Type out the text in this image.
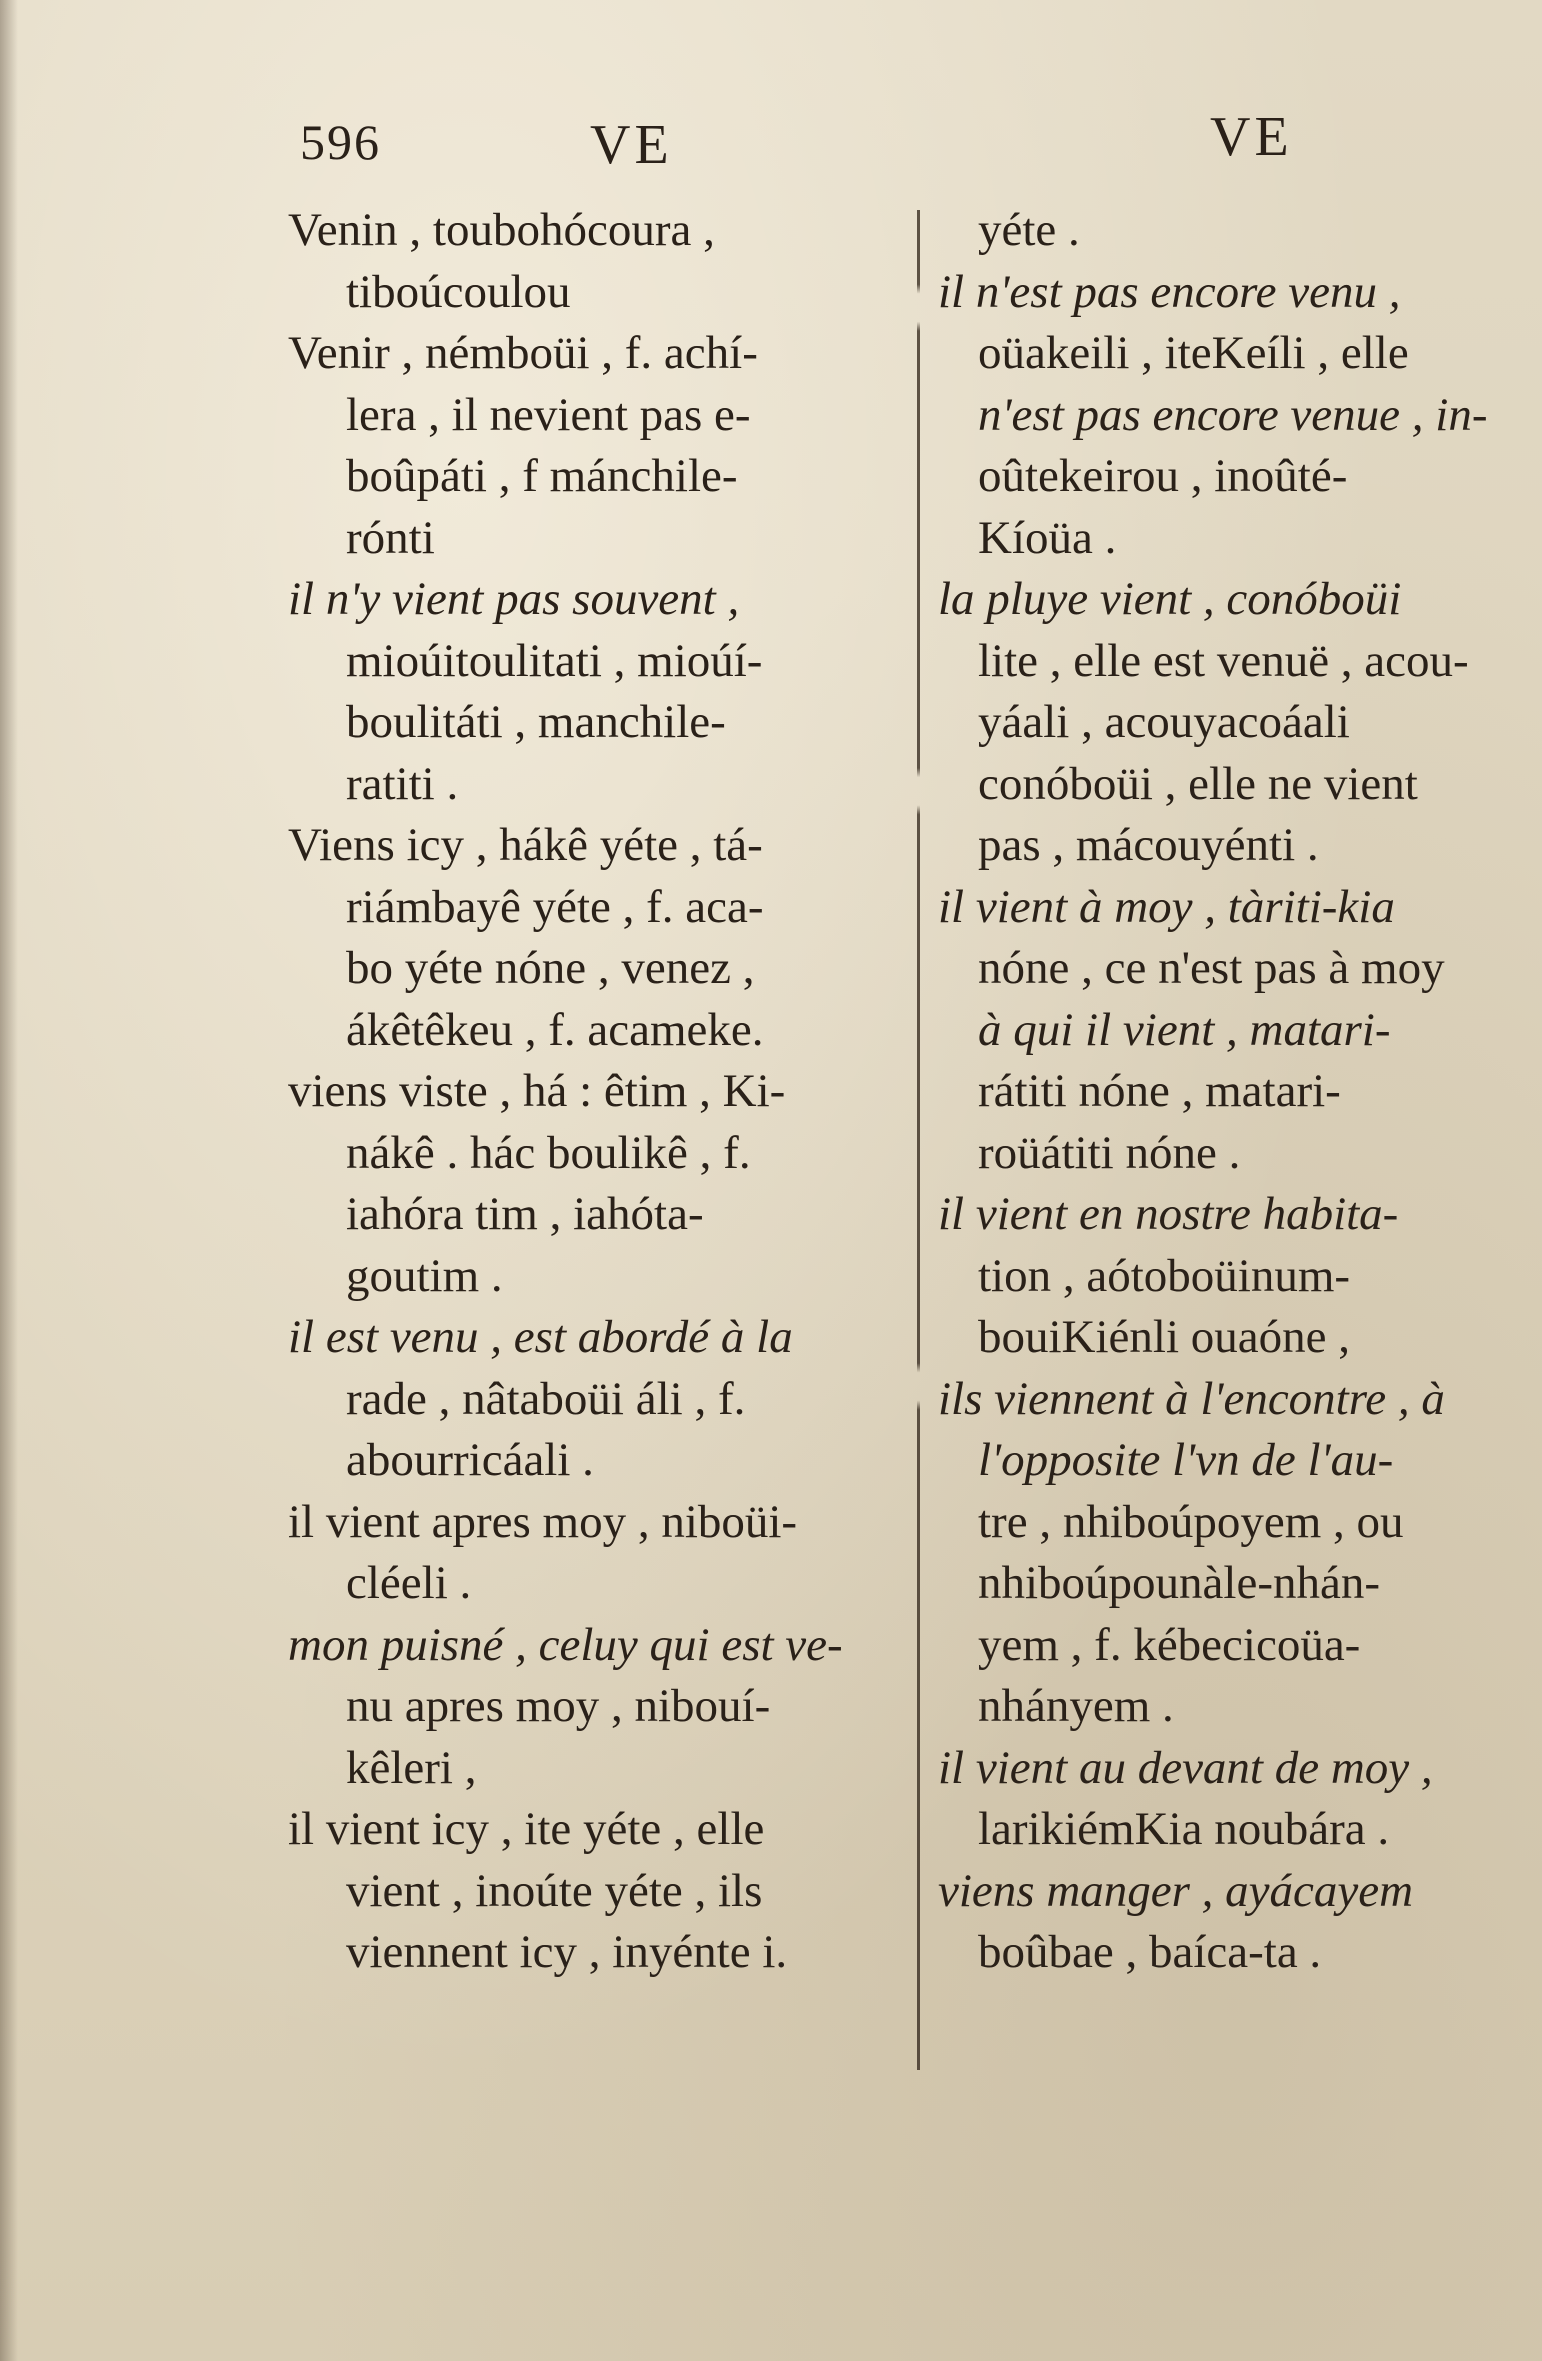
596	VE	VE
Venin , toubohócoura ,
tiboúcoulou
Venir , némboüi , f. achí-
lera , il nevient pas e-
boûpáti , f mánchile-
rónti
il n'y vient pas souvent ,
mioúitoulitati , mioúí-
boulitáti , manchile-
ratiti .
Viens icy , hákê yéte , tá-
riámbayê yéte , f. aca-
bo yéte nóne , venez ,
ákêtêkeu , f. acameke.
viens viste , há : êtim , Ki-
nákê . hác boulikê , f.
iahóra tim , iahóta-
goutim .
il est venu , est abordé à la
rade , nâtaboüi áli , f.
abourricáali .
il vient apres moy , niboüi-
cléeli .
mon puisné , celuy qui est ve-
nu apres moy , nibouí-
kêleri ,
il vient icy , ite yéte , elle
vient , inoúte yéte , ils
viennent icy , inyénte i.
yéte .
il n'est pas encore venu ,
oüakeili , iteKeíli , elle
n'est pas encore venue , in-
oûtekeirou , inoûté-
Kíoüa .
la pluye vient , conóboüi
lite , elle est venuë , acou-
yáali , acouyacoáali
conóboüi , elle ne vient
pas , mácouyénti .
il vient à moy , tàriti-kia
nóne , ce n'est pas à moy
à qui il vient , matari-
rátiti nóne , matari-
roüátiti nóne .
il vient en nostre habita-
tion , aótoboüinum-
bouiKiénli ouaóne ,
ils viennent à l'encontre , à
l'opposite l'vn de l'au-
tre , nhiboúpoyem , ou
nhiboúpounàle-nhán-
yem , f. kébecicoüa-
nhányem .
il vient au devant de moy ,
larikiémKia noubára .
viens manger , ayácayem
boûbae , baíca-ta .
